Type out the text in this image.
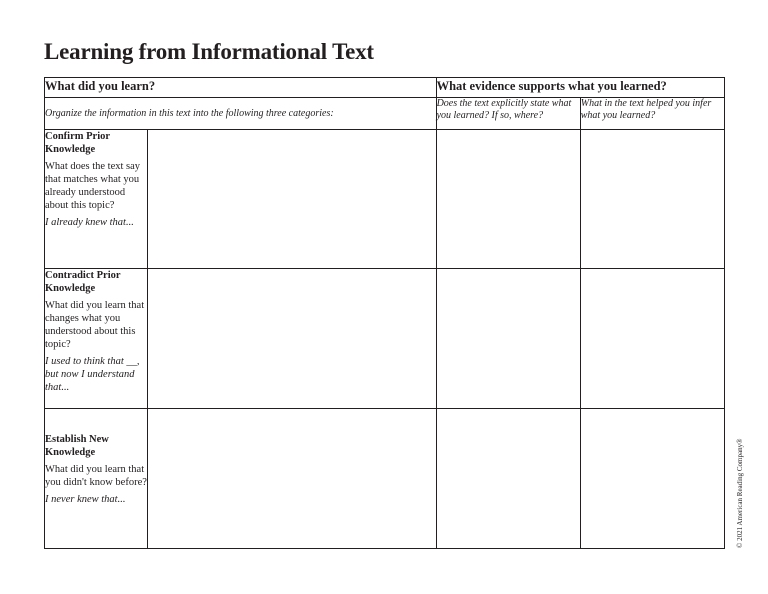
Learning from Informational Text
What did you learn?		What evidence supports what you learned?	
Organize the information in this text into the following three categories:		Does the text explicitly state what you learned? If so, where?	What in the text helped you infer what you learned?

Confirm Prior Knowledge

What does the text say that matches what you already understood about this topic?

I already knew that...			

Contradict Prior Knowledge

What did you learn that changes what you understood about this topic?

I used to think that __, but now I understand that...			

Establish New Knowledge

What did you learn that you didn't know before?

I never knew that...			

				© 2021 American Reading Company®
